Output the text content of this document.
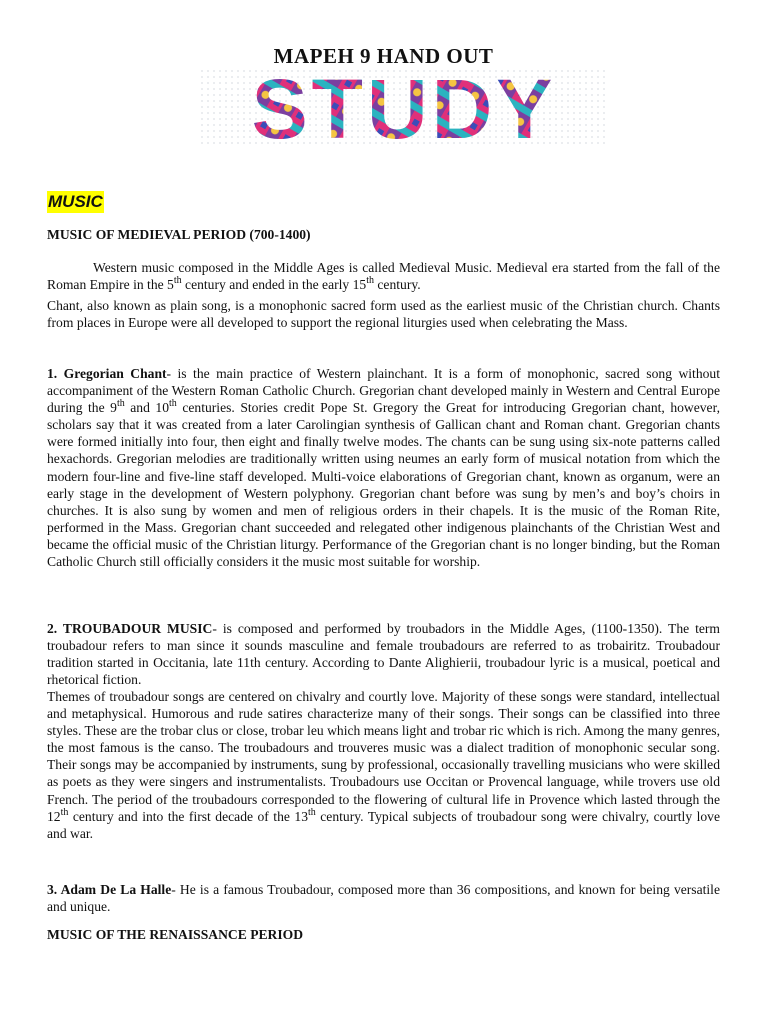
MAPEH 9 HAND OUT
STUDY
MUSIC
MUSIC OF MEDIEVAL PERIOD (700-1400)

Western music composed in the Middle Ages is called Medieval Music. Medieval era started from the fall of the Roman Empire in the 5th century and ended in the early 15th century.

Chant, also known as plain song, is a monophonic sacred form used as the earliest music of the Christian church. Chants from places in Europe were all developed to support the regional liturgies used when celebrating the Mass.

1. Gregorian Chant- is the main practice of Western plainchant. It is a form of monophonic, sacred song without accompaniment of the Western Roman Catholic Church. Gregorian chant developed mainly in Western and Central Europe during the 9th and 10th centuries. Stories credit Pope St. Gregory the Great for introducing Gregorian chant, however, scholars say that it was created from a later Carolingian synthesis of Gallican chant and Roman chant. Gregorian chants were formed initially into four, then eight and finally twelve modes. The chants can be sung using six-note patterns called hexachords. Gregorian melodies are traditionally written using neumes an early form of musical notation from which the modern four-line and five-line staff developed. Multi-voice elaborations of Gregorian chant, known as organum, were an early stage in the development of Western polyphony. Gregorian chant before was sung by men’s and boy’s choirs in churches. It is also sung by women and men of religious orders in their chapels. It is the music of the Roman Rite, performed in the Mass. Gregorian chant succeeded and relegated other indigenous plainchants of the Christian West and became the official music of the Christian liturgy. Performance of the Gregorian chant is no longer binding, but the Roman Catholic Church still officially considers it the music most suitable for worship.

2. TROUBADOUR MUSIC- is composed and performed by troubadors in the Middle Ages, (1100-1350). The term troubadour refers to man since it sounds masculine and female troubadours are referred to as trobairitz. Troubadour tradition started in Occitania, late 11th century. According to Dante Alighierii, troubadour lyric is a musical, poetical and rhetorical fiction.

Themes of troubadour songs are centered on chivalry and courtly love. Majority of these songs were standard, intellectual and metaphysical. Humorous and rude satires characterize many of their songs. Their songs can be classified into three styles. These are the trobar clus or close, trobar leu which means light and trobar ric which is rich. Among the many genres, the most famous is the canso. The troubadours and trouveres music was a dialect tradition of monophonic secular song. Their songs may be accompanied by instruments, sung by professional, occasionally travelling musicians who were skilled as poets as they were singers and instrumentalists. Troubadours use Occitan or Provencal language, while trovers use old French. The period of the troubadours corresponded to the flowering of cultural life in Provence which lasted through the 12th century and into the first decade of the 13th century. Typical subjects of troubadour song were chivalry, courtly love and war.

3. Adam De La Halle- He is a famous Troubadour, composed more than 36 compositions, and known for being versatile and unique.

MUSIC OF THE RENAISSANCE PERIOD
